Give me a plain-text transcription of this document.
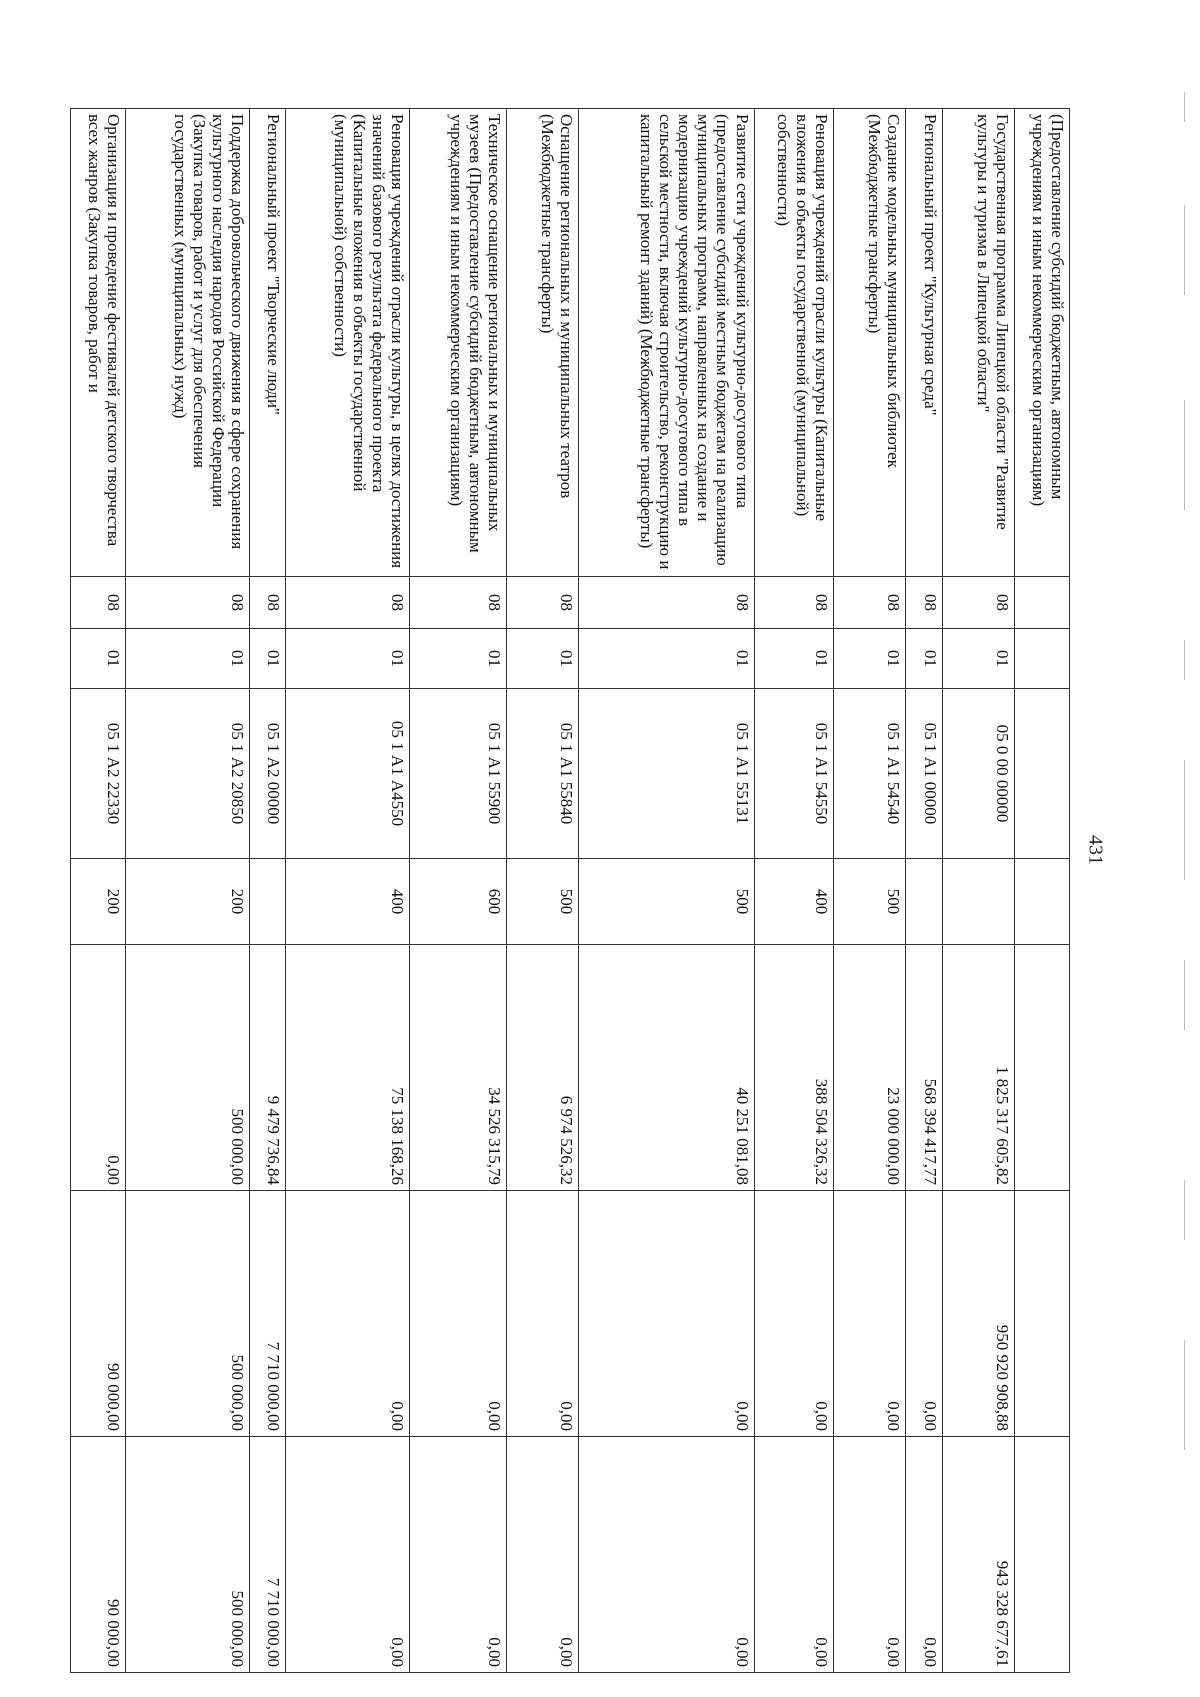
431
(Предоставление субсидий бюджетным, автономным учреждениям и иным некоммерческим организациям)							
Государственная программа Липецкой области "Развитие культуры и туризма в Липецкой области"	08	01	05 0 00 00000		1 825 317 605,82	950 920 908,88	943 328 677,61
Региональный проект "Культурная среда"	08	01	05 1 А1 00000		568 394 417,77	0,00	0,00
Создание модельных муниципальных библиотек (Межбюджетные трансферты)	08	01	05 1 А1 54540	500	23 000 000,00	0,00	0,00
Реновация учреждений отрасли культуры (Капитальные вложения в объекты государственной (муниципальной) собственности)	08	01	05 1 А1 54550	400	388 504 326,32	0,00	0,00
Развитие сети учреждений культурно-досугового типа (предоставление субсидий местным бюджетам на реализацию муниципальных программ, направленных на создание и модернизацию учреждений культурно-досугового типа в сельской местности, включая строительство, реконструкцию и капитальный ремонт зданий) (Межбюджетные трансферты)	08	01	05 1 А1 55131	500	40 251 081,08	0,00	0,00
Оснащение региональных и муниципальных театров (Межбюджетные трансферты)	08	01	05 1 А1 55840	500	6 974 526,32	0,00	0,00
Техническое оснащение региональных и муниципальных музеев (Предоставление субсидий бюджетным, автономным учреждениям и иным некоммерческим организациям)	08	01	05 1 А1 55900	600	34 526 315,79	0,00	0,00
Реновация учреждений отрасли культуры, в целях достижения значений базового результата федерального проекта (Капитальные вложения в объекты государственной (муниципальной) собственности)	08	01	05 1 А1 А4550	400	75 138 168,26	0,00	0,00
Региональный проект "Творческие люди"	08	01	05 1 А2 00000		9 479 736,84	7 710 000,00	7 710 000,00
Поддержка добровольческого движения в сфере сохранения культурного наследия народов Российской Федерации (Закупка товаров, работ и услуг для обеспечения государственных (муниципальных) нужд)	08	01	05 1 А2 20850	200	500 000,00	500 000,00	500 000,00
Организация и проведение фестивалей детского творчества всех жанров (Закупка товаров, работ и	08	01	05 1 А2 22330	200	0,00	90 000,00	90 000,00
